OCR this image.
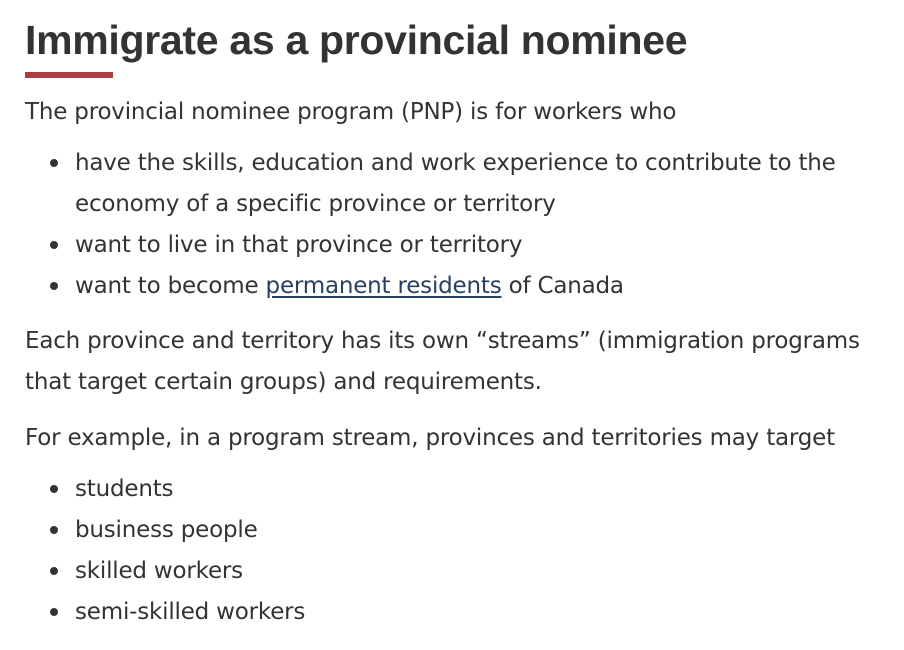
Immigrate as a provincial nominee

The provincial nominee program (PNP) is for workers who

have the skills, education and work experience to contribute to the economy of a specific province or territory
want to live in that province or territory
want to become permanent residents of Canada

Each province and territory has its own “streams” (immigration programs that target certain groups) and requirements.

For example, in a program stream, provinces and territories may target

students
business people
skilled workers
semi-skilled workers
